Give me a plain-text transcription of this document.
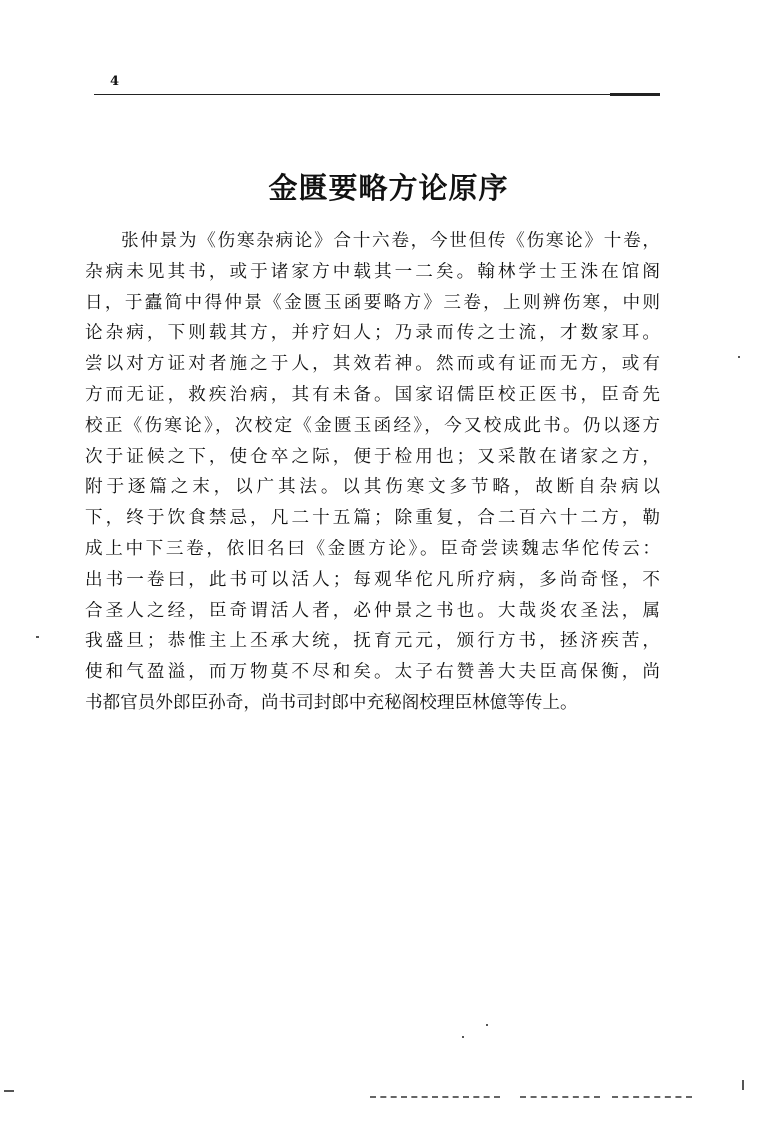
4
金匮要略方论原序
张仲景为《伤寒杂病论》合十六卷，今世但传《伤寒论》十卷，
杂病未见其书，或于诸家方中载其一二矣。翰林学士王洙在馆阁
日，于蠹简中得仲景《金匮玉函要略方》三卷，上则辨伤寒，中则
论杂病，下则载其方，并疗妇人；乃录而传之士流，才数家耳。
尝以对方证对者施之于人，其效若神。然而或有证而无方，或有
方而无证，救疾治病，其有未备。国家诏儒臣校正医书，臣奇先
校正《伤寒论》，次校定《金匮玉函经》，今又校成此书。仍以逐方
次于证候之下，使仓卒之际，便于检用也；又采散在诸家之方，
附于逐篇之末，以广其法。以其伤寒文多节略，故断自杂病以
下，终于饮食禁忌，凡二十五篇；除重复，合二百六十二方，勒
成上中下三卷，依旧名曰《金匮方论》。臣奇尝读魏志华佗传云：
出书一卷曰，此书可以活人；每观华佗凡所疗病，多尚奇怪，不
合圣人之经，臣奇谓活人者，必仲景之书也。大哉炎农圣法，属
我盛旦；恭惟主上丕承大统，抚育元元，颁行方书，拯济疾苦，
使和气盈溢，而万物莫不尽和矣。太子右赞善大夫臣高保衡，尚
书都官员外郎臣孙奇，尚书司封郎中充秘阁校理臣林億等传上。
